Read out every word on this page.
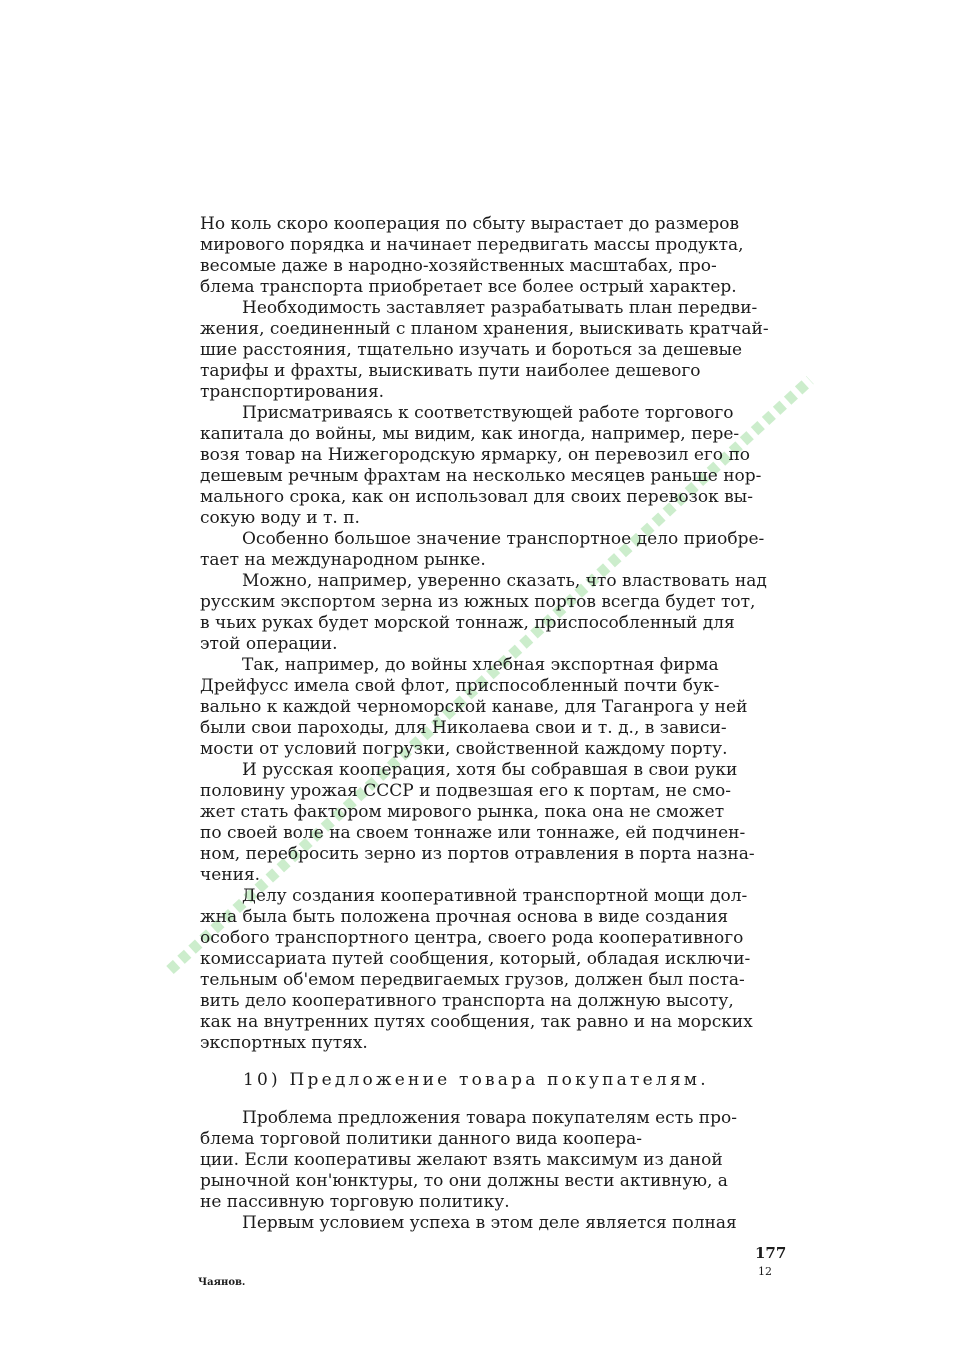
Но коль скоро кооперация по сбыту вырастает до размеров
мирового порядка и начинает передвигать массы продукта,
весомые даже в народно-хозяйственных масштабах, про-
блема транспорта приобретает все более острый характер.
Необходимость заставляет разрабатывать план передви-
жения, соединенный с планом хранения, выискивать кратчай-
шие расстояния, тщательно изучать и бороться за дешевые
тарифы и фрахты, выискивать пути наиболее дешевого
транспортирования.
Присматриваясь к соответствующей работе торгового
капитала до войны, мы видим, как иногда, например, пере-
возя товар на Нижегородскую ярмарку, он перевозил его по
дешевым речным фрахтам на несколько месяцев раньше нор-
мального срока, как он использовал для своих перевозок вы-
сокую воду и т. п.
Особенно большое значение транспортное дело приобре-
тает на международном рынке.
Можно, например, уверенно сказать, что властвовать над
русским экспортом зерна из южных портов всегда будет тот,
в чьих руках будет морской тоннаж, приспособленный для
этой операции.
Так, например, до войны хлебная экспортная фирма
Дрейфусс имела свой флот, приспособленный почти бук-
вально к каждой черноморской канаве, для Таганрога у ней
были свои пароходы, для Николаева свои и т. д., в зависи-
мости от условий погрузки, свойственной каждому порту.
И русская кооперация, хотя бы собравшая в свои руки
половину урожая СССР и подвезшая его к портам, не смо-
жет стать фактором мирового рынка, пока она не сможет
по своей воле на своем тоннаже или тоннаже, ей подчинен-
ном, перебросить зерно из портов отравления в порта назна-
чения.
Делу создания кооперативной транспортной мощи дол-
жна была быть положена прочная основа в виде создания
особого транспортного центра, своего рода кооперативного
комиссариата путей сообщения, который, обладая исключи-
тельным об'емом передвигаемых грузов, должен был поста-
вить дело кооперативного транспорта на должную высоту,
как на внутренних путях сообщения, так равно и на морских
экспортных путях.
10) Предложение товара покупателям.
Проблема предложения товара покупателям есть про-
блема торговой политики данного вида коопера-
ции. Если кооперативы желают взять максимум из даной
рыночной кон'юнктуры, то они должны вести активную, а
не пассивную торговую политику.
Первым условием успеха в этом деле является полная
177
12
Чаянов.
